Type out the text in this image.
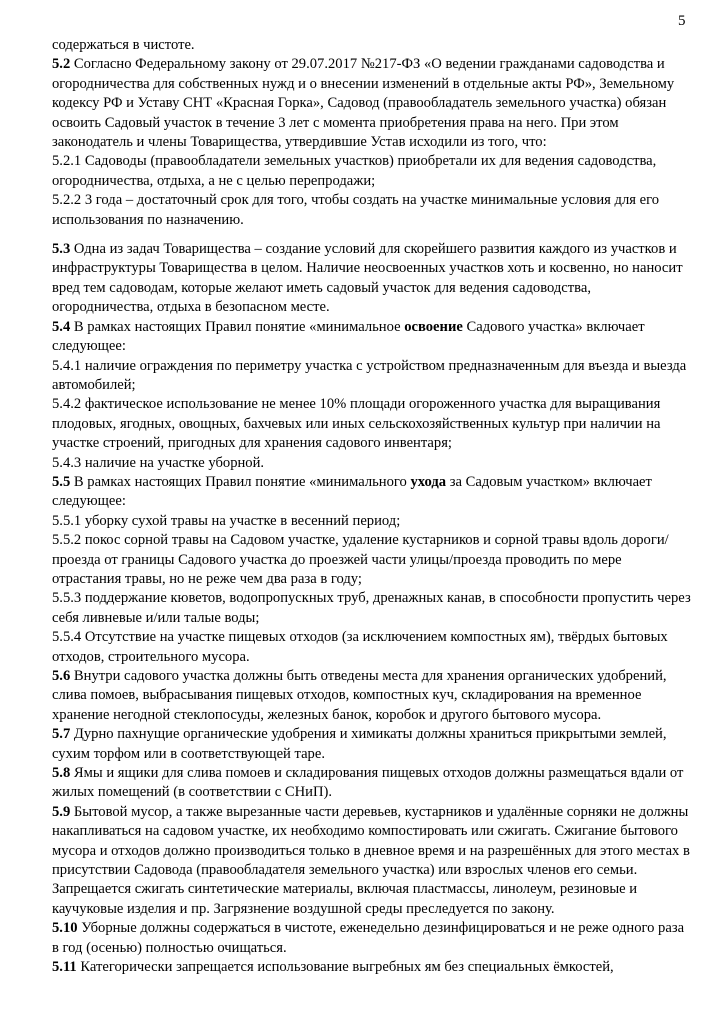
5

содержаться в чистоте.

5.2 Согласно Федеральному закону от 29.07.2017 №217-ФЗ «О ведении гражданами садоводства и огородничества для собственных нужд и о внесении изменений в отдельные акты РФ», Земельному кодексу РФ и Уставу СНТ «Красная Горка», Садовод (правообладатель земельного участка) обязан освоить Садовый участок в течение 3 лет с момента приобретения права на него. При этом законодатель и члены Товарищества, утвердившие Устав исходили из того, что:

5.2.1 Садоводы (правообладатели земельных участков) приобретали их для ведения садоводства, огородничества, отдыха, а не с целью перепродажи;

5.2.2 3 года – достаточный срок для того, чтобы создать на участке минимальные условия для его использования по назначению.

5.3 Одна из задач Товарищества – создание условий для скорейшего развития каждого из участков и инфраструктуры Товарищества в целом. Наличие неосвоенных участков хоть и косвенно, но наносит вред тем садоводам, которые желают иметь садовый участок для ведения садоводства, огородничества, отдыха в безопасном месте.

5.4 В рамках настоящих Правил понятие «минимальное освоение Садового участка» включает следующее:

5.4.1 наличие ограждения по периметру участка с устройством предназначенным для въезда и выезда автомобилей;

5.4.2 фактическое использование не менее 10% площади огороженного участка для выращивания плодовых, ягодных, овощных, бахчевых или иных сельскохозяйственных культур при наличии на участке строений, пригодных для хранения садового инвентаря;

5.4.3 наличие на участке уборной.

5.5 В рамках настоящих Правил понятие «минимального ухода за Садовым участком» включает следующее:

5.5.1 уборку сухой травы на участке в весенний период;

5.5.2 покос сорной травы на Садовом участке, удаление кустарников и сорной травы вдоль дороги/проезда от границы Садового участка до проезжей части улицы/проезда проводить по мере отрастания травы, но не реже чем два раза в году;

5.5.3 поддержание кюветов, водопропускных труб, дренажных канав, в способности пропустить через себя ливневые и/или талые воды;

5.5.4 Отсутствие на участке пищевых отходов (за исключением компостных ям), твёрдых бытовых отходов, строительного мусора.

5.6 Внутри садового участка должны быть отведены места для хранения органических удобрений, слива помоев, выбрасывания пищевых отходов, компостных куч, складирования на временное хранение негодной стеклопосуды, железных банок, коробок и другого бытового мусора.

5.7 Дурно пахнущие органические удобрения и химикаты должны храниться прикрытыми землей, сухим торфом или в соответствующей таре.

5.8 Ямы и ящики для слива помоев и складирования пищевых отходов должны размещаться вдали от жилых помещений (в соответствии с СНиП).

5.9 Бытовой мусор, а также вырезанные части деревьев, кустарников и удалённые сорняки не должны накапливаться на садовом участке, их необходимо компостировать или сжигать. Сжигание бытового мусора и отходов должно производиться только в дневное время и на разрешённых для этого местах в присутствии Садовода (правообладателя земельного участка) или взрослых членов его семьи. Запрещается сжигать синтетические материалы, включая пластмассы, линолеум, резиновые и каучуковые изделия и пр. Загрязнение воздушной среды преследуется по закону.

5.10 Уборные должны содержаться в чистоте, еженедельно дезинфицироваться и не реже одного раза в год (осенью) полностью очищаться.

5.11 Категорически запрещается использование выгребных ям без специальных ёмкостей,
